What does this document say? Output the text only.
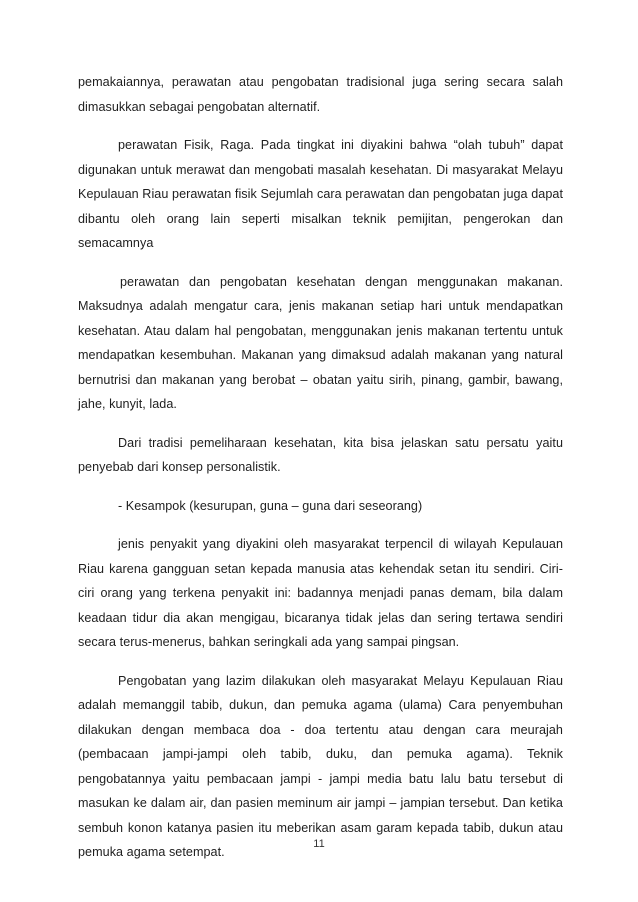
pemakaiannya, perawatan atau pengobatan tradisional juga sering secara salah dimasukkan sebagai pengobatan alternatif.

perawatan Fisik, Raga. Pada tingkat ini diyakini bahwa “olah tubuh” dapat digunakan untuk merawat dan mengobati masalah kesehatan. Di masyarakat Melayu Kepulauan Riau perawatan fisik Sejumlah cara perawatan dan pengobatan juga dapat dibantu oleh orang lain seperti misalkan teknik pemijitan, pengerokan dan semacamnya

perawatan dan pengobatan kesehatan dengan menggunakan makanan. Maksudnya adalah mengatur cara, jenis makanan setiap hari untuk mendapatkan kesehatan. Atau dalam hal pengobatan, menggunakan jenis makanan tertentu untuk mendapatkan kesembuhan. Makanan yang dimaksud adalah makanan yang natural bernutrisi dan makanan yang berobat – obatan yaitu sirih, pinang, gambir, bawang, jahe, kunyit, lada.

Dari tradisi pemeliharaan kesehatan, kita bisa jelaskan satu persatu yaitu penyebab dari konsep personalistik.

- Kesampok (kesurupan, guna – guna dari seseorang)

jenis penyakit yang diyakini oleh masyarakat terpencil di wilayah Kepulauan Riau karena gangguan setan kepada manusia atas kehendak setan itu sendiri. Ciri-ciri orang yang terkena penyakit ini: badannya menjadi panas demam, bila dalam keadaan tidur dia akan mengigau, bicaranya tidak jelas dan sering tertawa sendiri secara terus-menerus, bahkan seringkali ada yang sampai pingsan.

Pengobatan yang lazim dilakukan oleh masyarakat Melayu Kepulauan Riau adalah memanggil tabib, dukun, dan pemuka agama (ulama) Cara penyembuhan dilakukan dengan membaca doa - doa tertentu atau dengan cara meurajah (pembacaan jampi-jampi oleh tabib, duku, dan pemuka agama). Teknik pengobatannya yaitu pembacaan jampi - jampi media batu lalu batu tersebut di masukan ke dalam air, dan pasien meminum air jampi – jampian tersebut. Dan ketika sembuh konon katanya pasien itu meberikan asam garam kepada tabib, dukun atau pemuka agama setempat.

11
